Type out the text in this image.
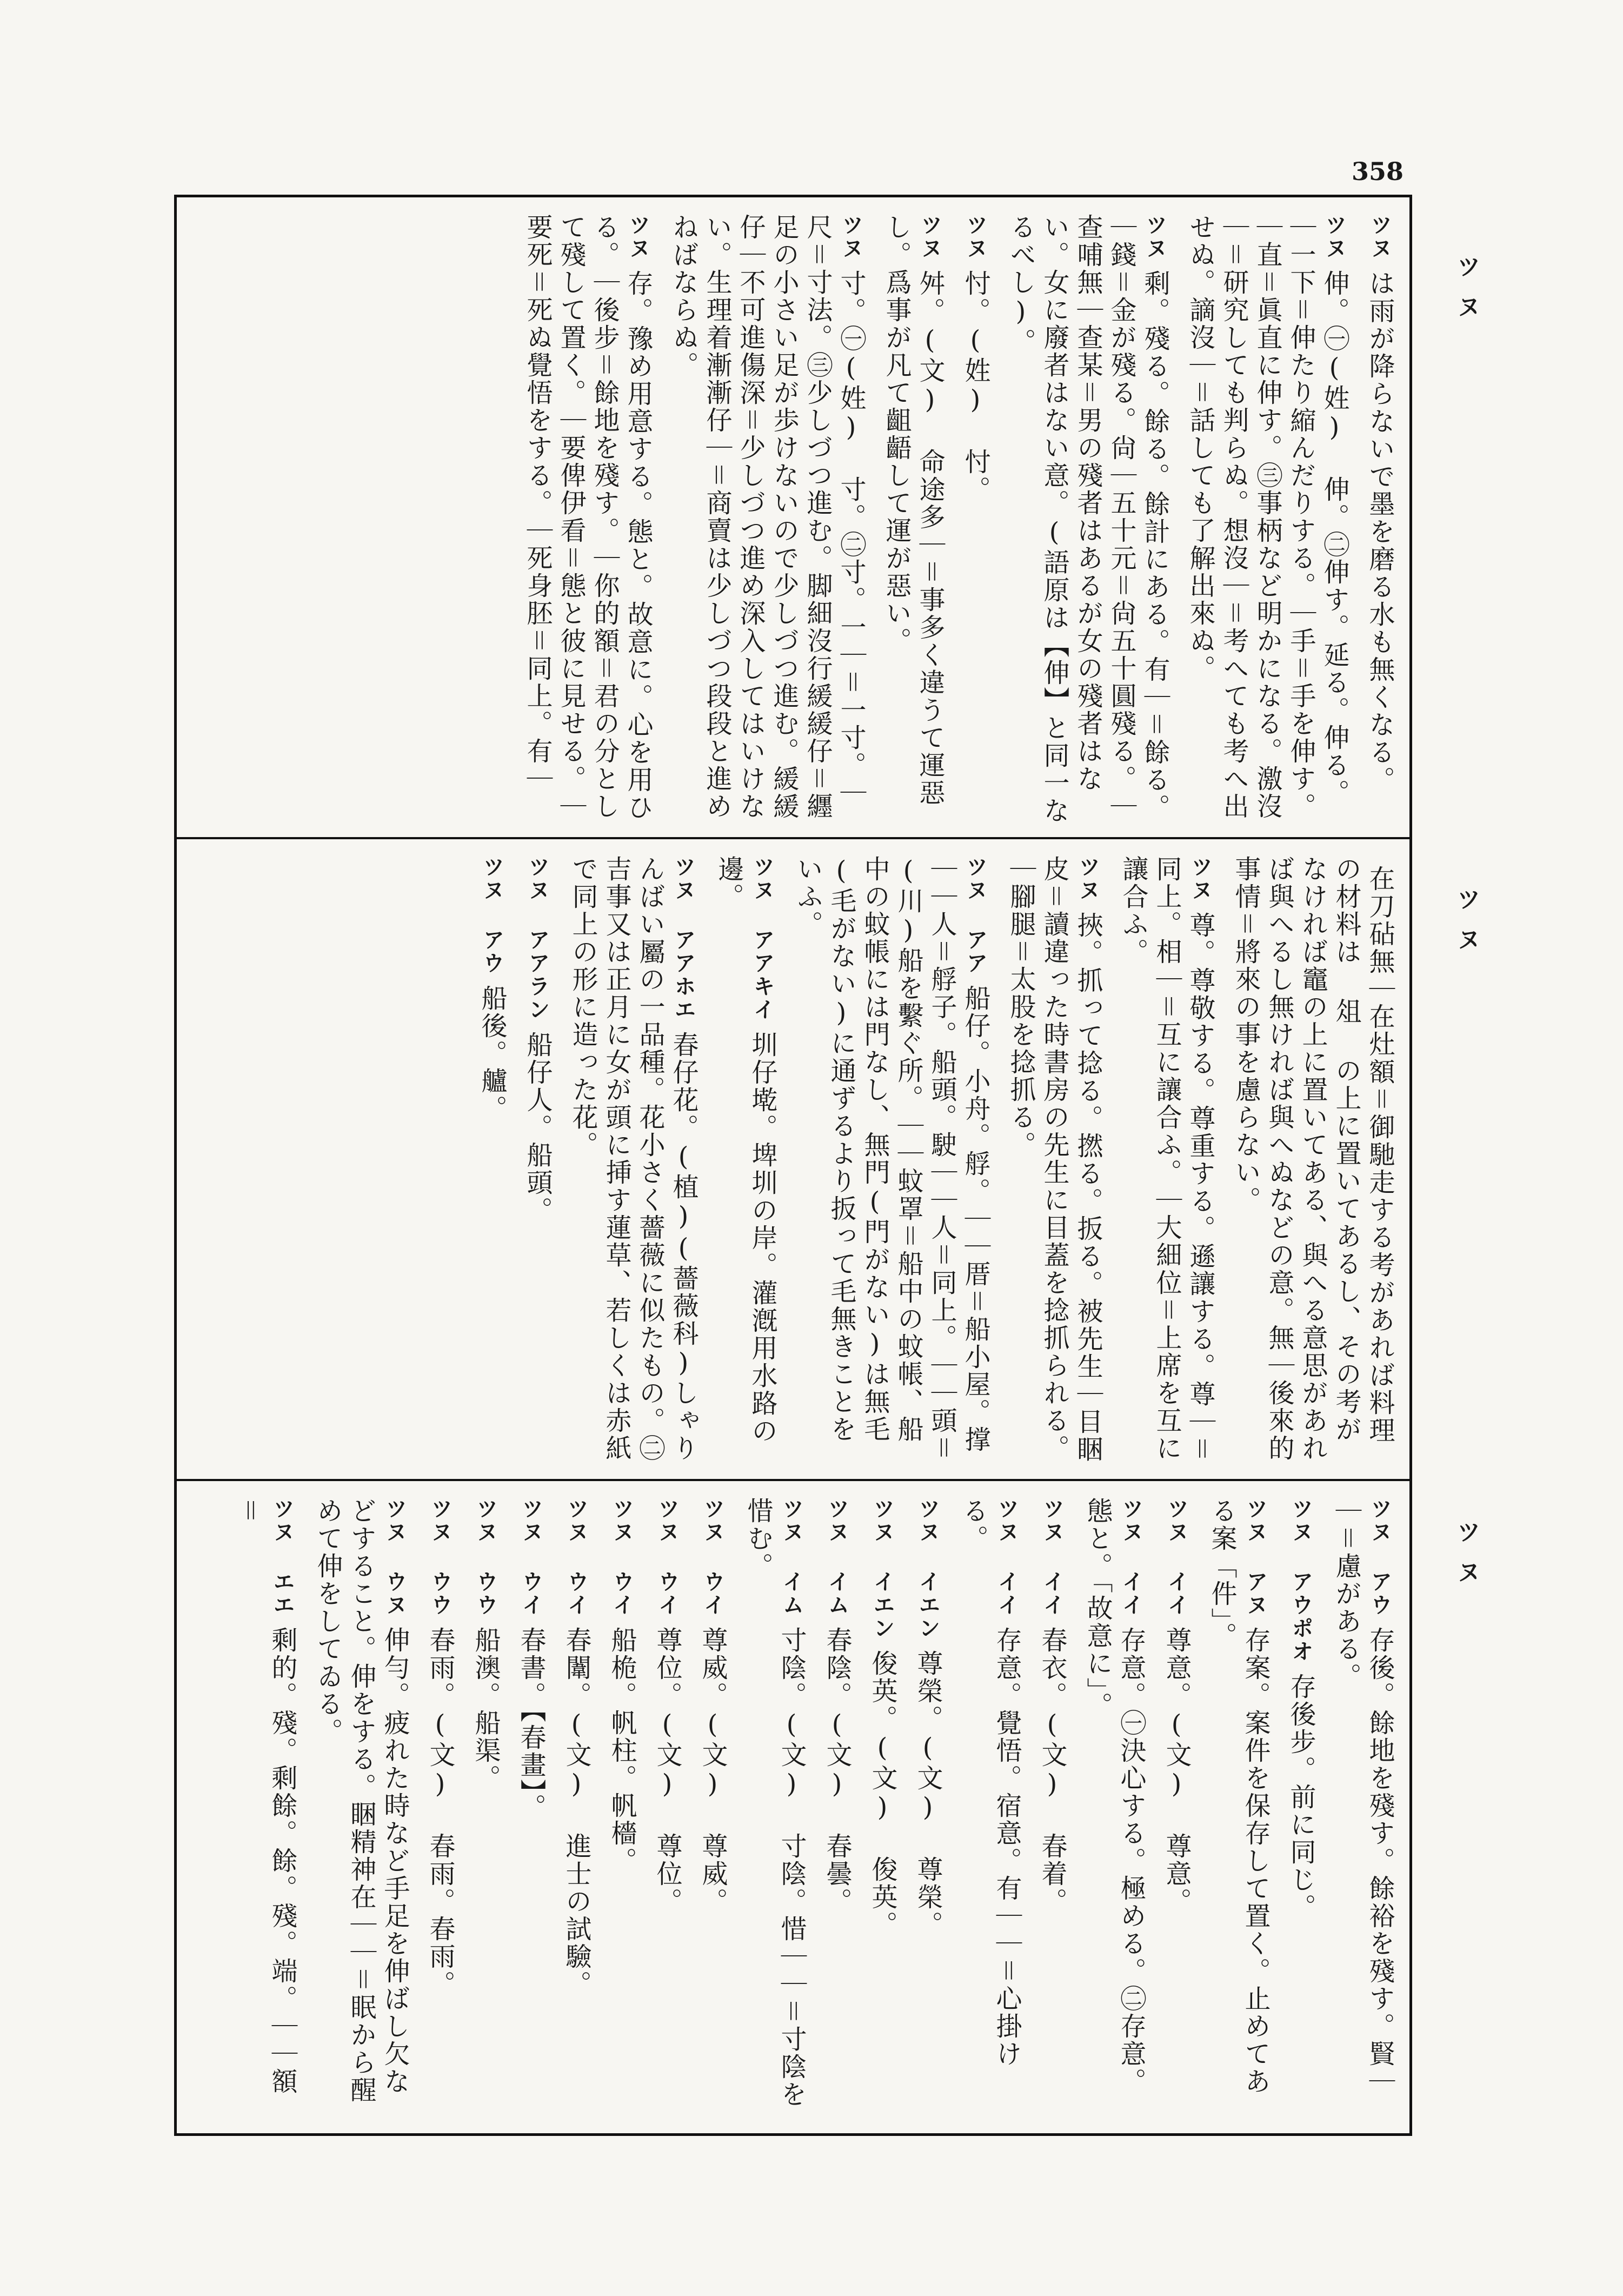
358
ツヌ
ツヌ
ツヌ
ツヌは雨が降らないで墨を磨る水も無くなる。
ツヌ伸。㊀(姓) 伸。㊁伸す。延る。伸る。｜一下＝伸たり縮んだりする。｜手＝手を伸す。｜直＝眞直に伸す。㊂事柄など明かになる。激沒｜＝研究しても判らぬ。想沒｜＝考へても考へ出せぬ。謫沒｜＝話しても了解出來ぬ。
ツヌ剩。殘る。餘る。餘計にある。有｜＝餘る。｜錢＝金が殘る。尙｜五十元＝尙五十圓殘る。｜查哺無｜查某＝男の殘者はあるが女の殘者はない。女に廢者はない意。(語原は【伸】と同一なるべし)。
ツヌ忖。(姓) 忖。
ツヌ舛。(文) 命途多｜＝事多く違うて運惡し。爲事が凡て齟齬して運が惡い。
ツヌ寸。㊀(姓) 寸。㊁寸。一｜＝一寸。｜尺＝寸法。㊂少しづつ進む。脚細沒行緩緩仔＝纒足の小さい足が歩けないので少しづつ進む。緩緩仔｜不可進傷深＝少しづつ進め深入してはいけない。生理着漸漸仔｜＝商賣は少しづつ段段と進めねばならぬ。
ツヌ存。豫め用意する。態と。故意に。心を用ひる。｜後步＝餘地を殘す。｜你的額＝君の分として殘して置く。｜要俾伊看＝態と彼に見せる。｜要死＝死ぬ覺悟をする。｜死身胚＝同上。有｜
在刀砧無｜在灶額＝御馳走する考があれば料理の材料は 俎 の上に置いてあるし、その考がなければ竈の上に置いてある、與へる意思があれば與へるし無ければ與へぬなどの意。無｜後來的事情＝將來の事を慮らない。
ツヌ尊。尊敬する。尊重する。遜讓する。尊｜＝同上。相｜＝互に讓合ふ。｜大細位＝上席を互に讓合ふ。
ツヌ挾。抓って捻る。撚る。扳る。被先生｜目睏皮＝讀違った時書房の先生に目蓋を捻抓られる。｜腳腿＝太股を捻抓る。
ツヌ アア船仔。小舟。艀。｜｜厝＝船小屋。撑｜｜人＝艀子。船頭。駛｜｜人＝同上。｜｜頭＝(川)船を繫ぐ所。｜｜蚊罩＝船中の蚊帳、船中の蚊帳には門なし、無門(門がない)は無毛(毛がない)に通ずるより扳って毛無きことをいふ。
ツヌ アアキイ圳仔墘。埤圳の岸。灌漑用水路の邊。
ツヌ アアホエ春仔花。(植)(薔薇科)しゃりんばい屬の一品種。花小さく薔薇に似たもの。㊁吉事又は正月に女が頭に挿す蓮草、若しくは赤紙で同上の形に造った花。
ツヌ アアラン船仔人。船頭。
ツヌ アウ船後。艫。
ツヌ アウ存後。餘地を殘す。餘裕を殘す。賢｜｜＝慮がある。
ツヌ アウポオ存後步。前に同じ。
ツヌ アヌ存案。案件を保存して置く。止めてある案「件」。
ツヌ イイ尊意。(文) 尊意。
ツヌ イイ存意。㊀決心する。極める。㊁存意。態と。「故意に」。
ツヌ イイ春衣。(文) 春着。
ツヌ イイ存意。覺悟。宿意。有｜｜＝心掛ける。
ツヌ イエン尊榮。(文) 尊榮。
ツヌ イエン俊英。(文) 俊英。
ツヌ イム春陰。(文) 春曇。
ツヌ イム寸陰。(文) 寸陰。惜｜｜＝寸陰を惜む。
ツヌ ウイ尊威。(文) 尊威。
ツヌ ウイ尊位。(文) 尊位。
ツヌ ウイ船桅。帆柱。帆檣。
ツヌ ウイ春闈。(文) 進士の試驗。
ツヌ ウイ春書。【春畫】。
ツヌ ウウ船澳。船渠。
ツヌ ウウ春雨。(文) 春雨。春雨。
ツヌ ウヌ伸勻。疲れた時など手足を伸ばし欠などすること。伸をする。睏精神在｜｜＝眠から醒めて伸をしてゐる。
ツヌ エエ剩的。殘。剩餘。餘。殘。端。｜｜額＝
